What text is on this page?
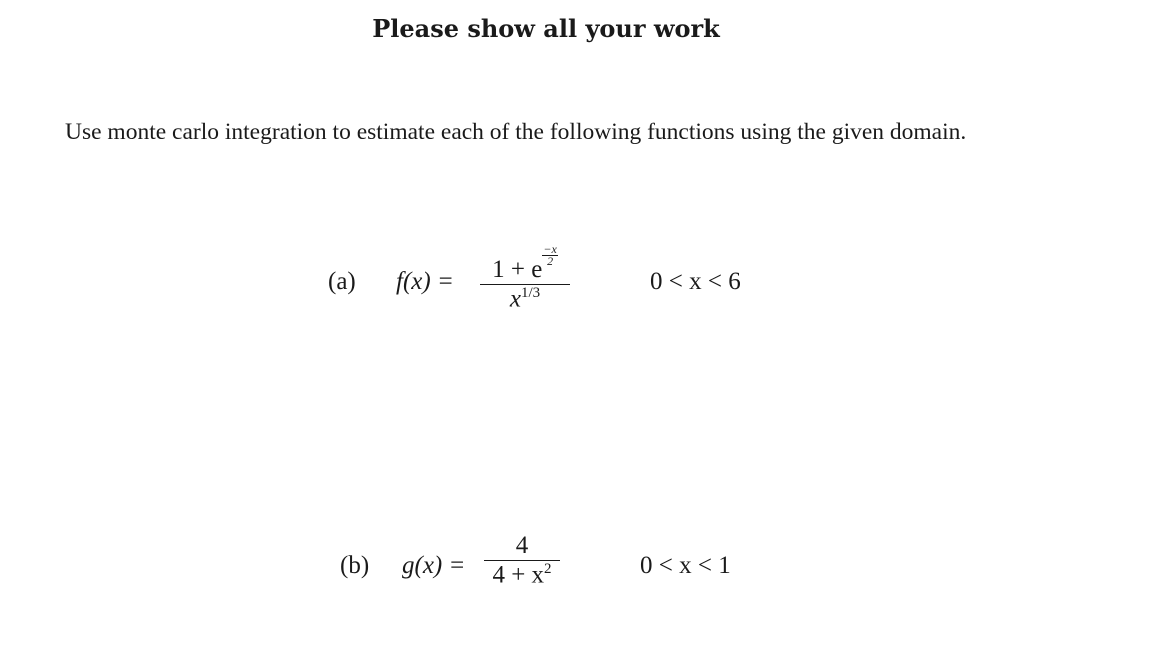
Please show all your work
Use monte carlo integration to estimate each of the following functions using the given domain.
(a) f(x) =	1 + e
$\frac{-x}{2}$
$x^{1/3}$	0 < x < 6
(b) g(x) =
4
$4 + x^2$	0 < x < 1
